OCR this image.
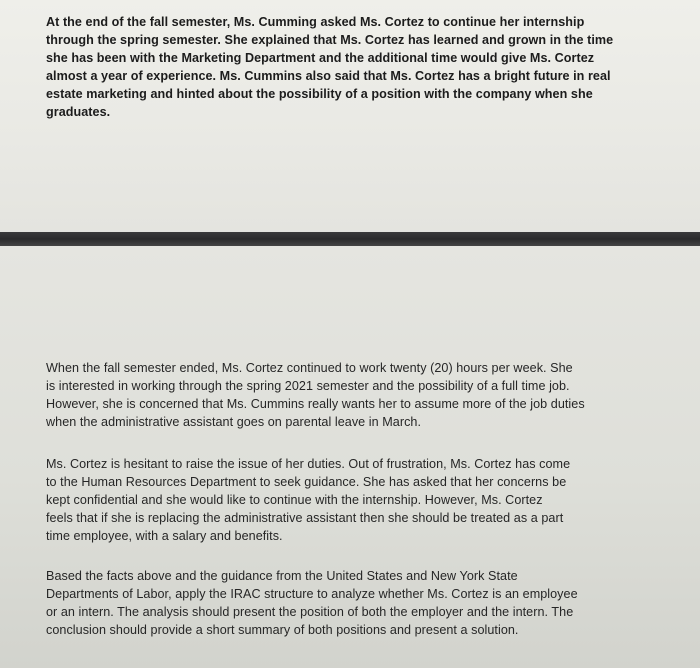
At the end of the fall semester, Ms. Cumming asked Ms. Cortez to continue her internship
through the spring semester. She explained that Ms. Cortez has learned and grown in the time
she has been with the Marketing Department and the additional time would give Ms. Cortez
almost a year of experience. Ms. Cummins also said that Ms. Cortez has a bright future in real
estate marketing and hinted about the possibility of a position with the company when she
graduates.

When the fall semester ended, Ms. Cortez continued to work twenty (20) hours per week. She
is interested in working through the spring 2021 semester and the possibility of a full time job.
However, she is concerned that Ms. Cummins really wants her to assume more of the job duties
when the administrative assistant goes on parental leave in March.

Ms. Cortez is hesitant to raise the issue of her duties. Out of frustration, Ms. Cortez has come
to the Human Resources Department to seek guidance. She has asked that her concerns be
kept confidential and she would like to continue with the internship. However, Ms. Cortez
feels that if she is replacing the administrative assistant then she should be treated as a part
time employee, with a salary and benefits.

Based the facts above and the guidance from the United States and New York State
Departments of Labor, apply the IRAC structure to analyze whether Ms. Cortez is an employee
or an intern. The analysis should present the position of both the employer and the intern. The
conclusion should provide a short summary of both positions and present a solution.
